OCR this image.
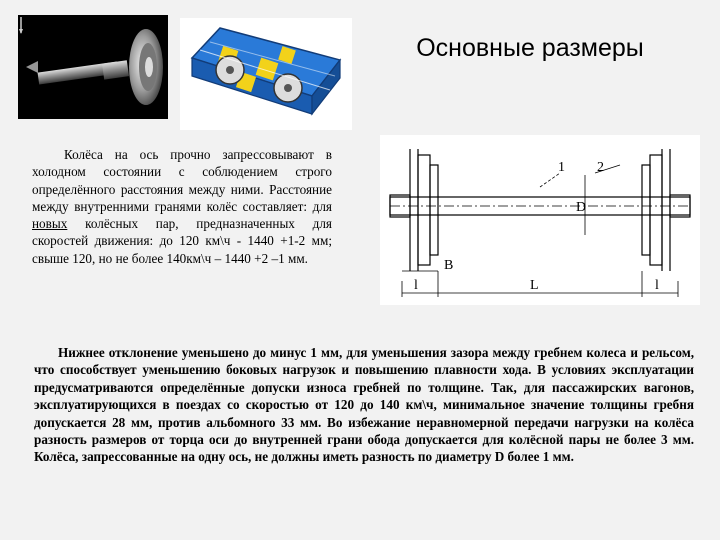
Основные размеры
1 2
D
B
l	L	l

Колёса на ось прочно запрессовывают в холодном состоянии с соблюдением строго определённого расстояния между ними. Расстояние между внутренними гранями колёс составляет: для новых колёсных пар, предназначенных для скоростей движения: до 120 км\ч - 1440 +1-2 мм; свыше 120, но не более 140км\ч – 1440 +2 –1 мм.

Нижнее отклонение уменьшено до минус 1 мм, для уменьшения зазора между гребнем колеса и рельсом, что способствует уменьшению боковых нагрузок и повышению плавности хода. В условиях эксплуатации предусматриваются определённые допуски износа гребней по толщине. Так, для пассажирских вагонов, эксплуатирующихся в поездах со скоростью от 120 до 140 км\ч, минимальное значение толщины гребня допускается 28 мм, против альбомного 33 мм. Во избежание неравномерной передачи нагрузки на колёса разность размеров от торца оси до внутренней грани обода допускается для колёсной пары не более 3 мм. Колёса, запрессованные на одну ось, не должны иметь разность по диаметру D более 1 мм.
